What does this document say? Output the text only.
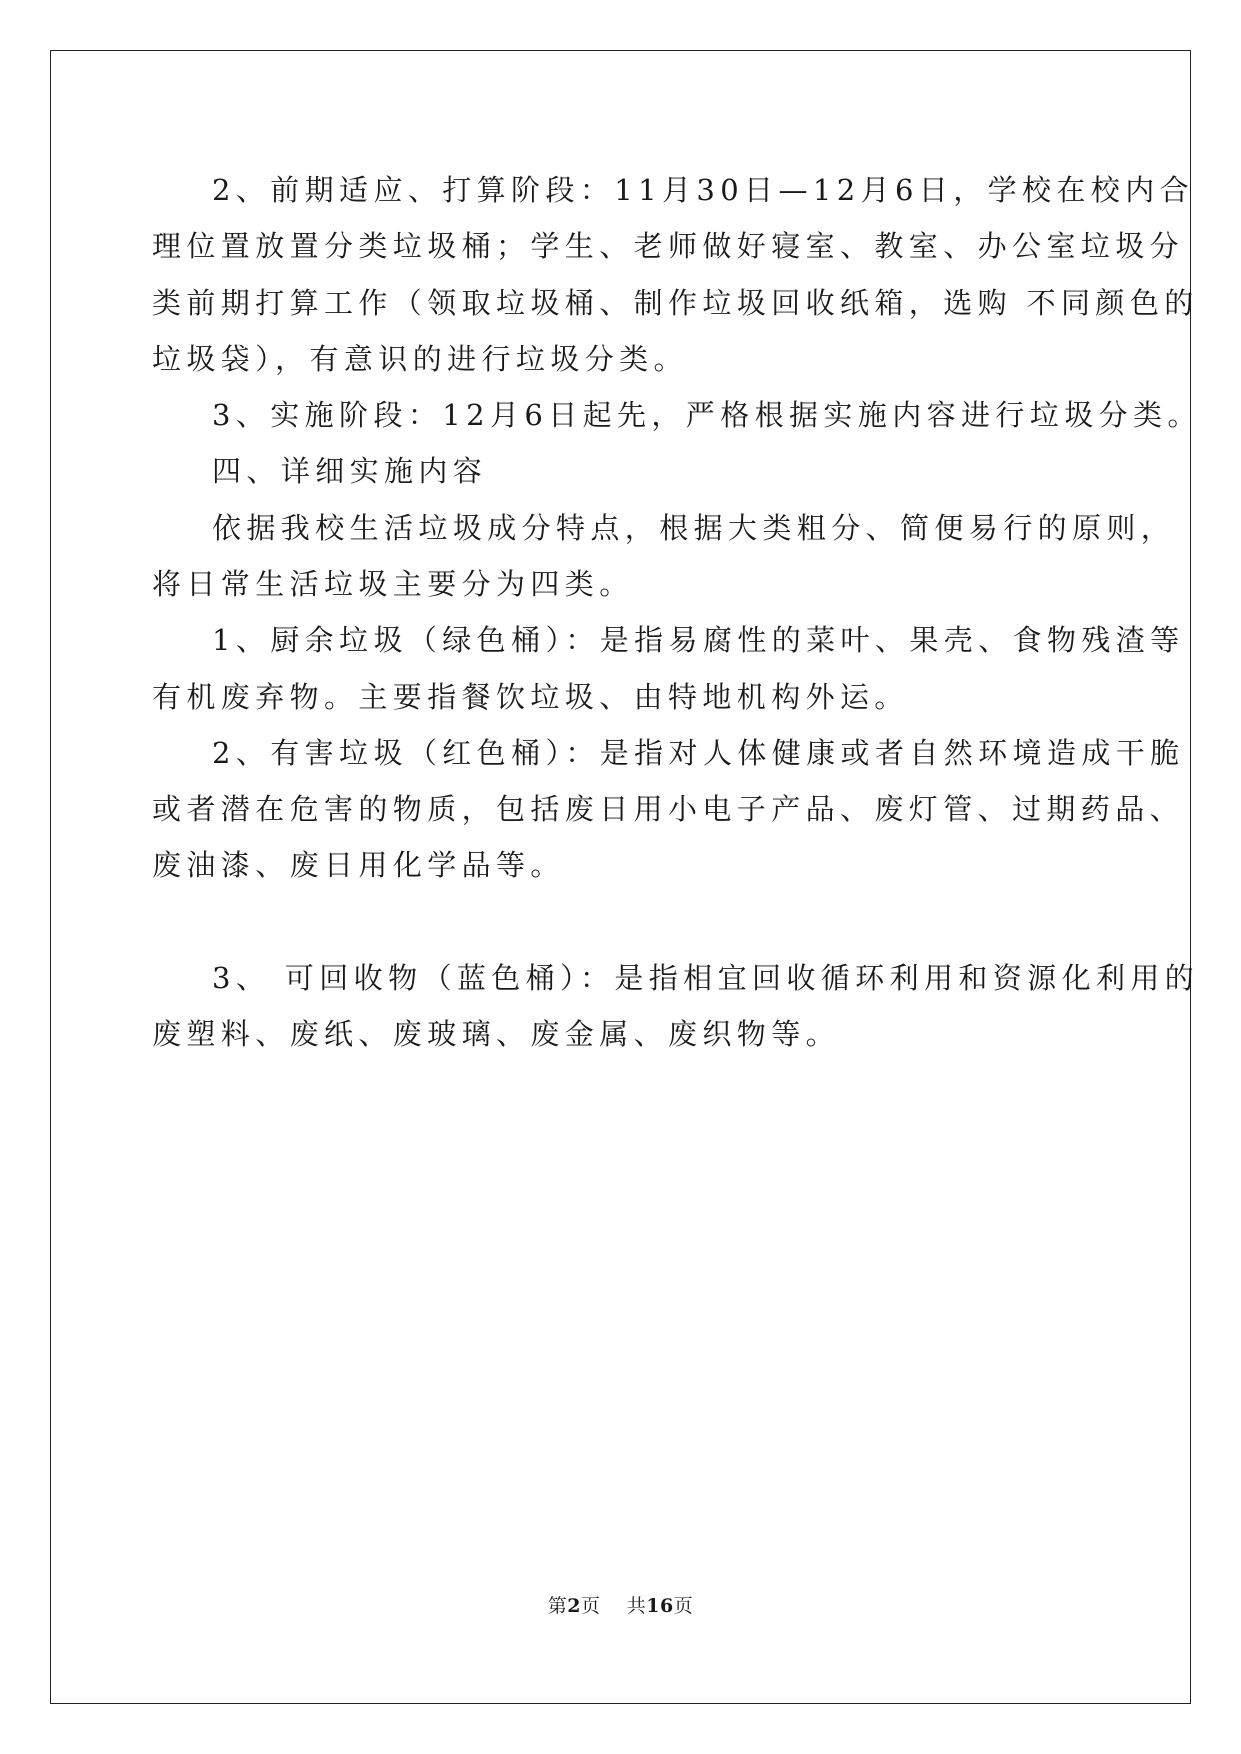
2、前期适应、打算阶段：11月30日—12月6日，学校在校内合
理位置放置分类垃圾桶；学生、老师做好寝室、教室、办公室垃圾分
类前期打算工作（领取垃圾桶、制作垃圾回收纸箱，选购 不同颜色的
垃圾袋），有意识的进行垃圾分类。
3、实施阶段：12月6日起先，严格根据实施内容进行垃圾分类。
四、详细实施内容
依据我校生活垃圾成分特点，根据大类粗分、简便易行的原则，
将日常生活垃圾主要分为四类。
1、厨余垃圾（绿色桶）：是指易腐性的菜叶、果壳、食物残渣等
有机废弃物。主要指餐饮垃圾、由特地机构外运。
2、有害垃圾（红色桶）：是指对人体健康或者自然环境造成干脆
或者潜在危害的物质，包括废日用小电子产品、废灯管、过期药品、
废油漆、废日用化学品等。
3、 可回收物（蓝色桶）：是指相宜回收循环利用和资源化利用的
废塑料、废纸、废玻璃、废金属、废织物等。
第2页 共16页
